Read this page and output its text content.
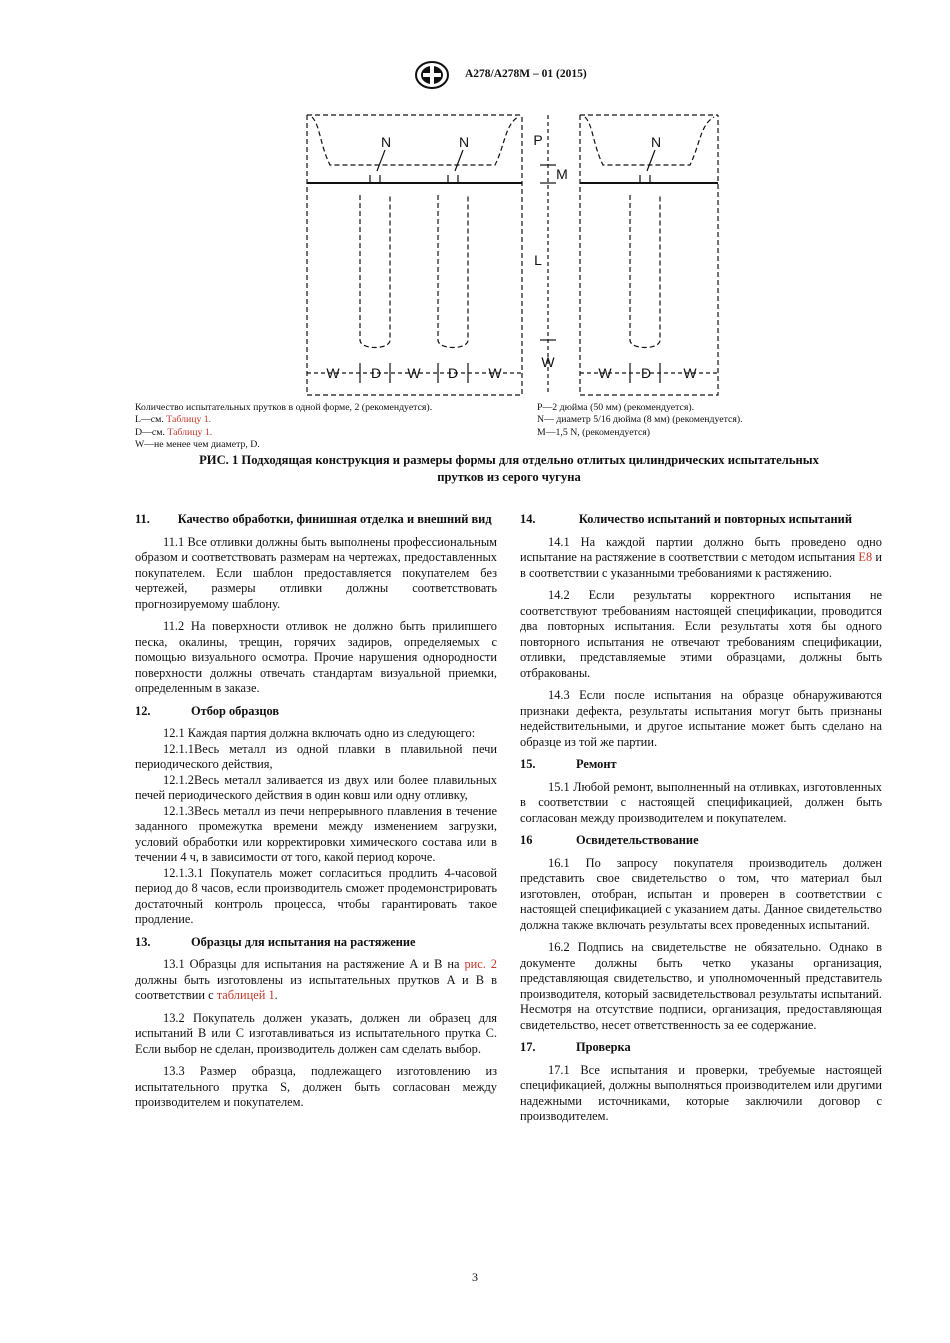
A278/A278M – 01 (2015)
N	N	N
P
M
L
W
W D W D W	W D W
Количество испытательных прутков в одной форме, 2 (рекомендуется).
L—см. Таблицу 1.
D—см. Таблицу 1.
W—не менее чем диаметр, D.
P—2 дюйма (50 мм) (рекомендуется).
N— диаметр 5/16 дюйма (8 мм) (рекомендуется).
M—1,5 N, (рекомендуется)
РИС. 1 Подходящая конструкция и размеры формы для отдельно отлитых цилиндрических испытательных
прутков из серого чугуна
11. Качество обработки, финишная отделка и внешний вид

11.1 Все отливки должны быть выполнены профессиональным образом и соответствовать размерам на чертежах, предоставленных покупателем. Если шаблон предоставляется покупателем без чертежей, размеры отливки должны соответствовать прогнозируемому шаблону.

11.2 На поверхности отливок не должно быть прилипшего песка, окалины, трещин, горячих задиров, определяемых с помощью визуального осмотра. Прочие нарушения однородности поверхности должны отвечать стандартам визуальной приемки, определенным в заказе.

12.	Отбор образцов

12.1 Каждая партия должна включать одно из следующего:

12.1.1Весь металл из одной плавки в плавильной печи периодического действия,

12.1.2Весь металл заливается из двух или более плавильных печей периодического действия в один ковш или одну отливку,

12.1.3Весь металл из печи непрерывного плавления в течение заданного промежутка времени между изменением загрузки, условий обработки или корректировки химического состава или в течении 4 ч, в зависимости от того, какой период короче.

12.1.3.1 Покупатель может согласиться продлить 4-часовой период до 8 часов, если производитель сможет продемонстрировать достаточный контроль процесса, чтобы гарантировать такое продление.

13.	Образцы для испытания на растяжение

13.1 Образцы для испытания на растяжение A и B на рис. 2 должны быть изготовлены из испытательных прутков A и B в соответствии с таблицей 1.

13.2 Покупатель должен указать, должен ли образец для испытаний B или C изготавливаться из испытательного прутка C. Если выбор не сделан, производитель должен сам сделать выбор.

13.3 Размер образца, подлежащего изготовлению из испытательного прутка S, должен быть согласован между производителем и покупателем.

14.	Количество испытаний и повторных испытаний

14.1 На каждой партии должно быть проведено одно испытание на растяжение в соответствии с методом испытания E8 и в соответствии с указанными требованиями к растяжению.

14.2 Если результаты корректного испытания не соответствуют требованиям настоящей спецификации, проводится два повторных испытания. Если результаты хотя бы одного повторного испытания не отвечают требованиям спецификации, отливки, представляемые этими образцами, должны быть отбракованы.

14.3 Если после испытания на образце обнаруживаются признаки дефекта, результаты испытания могут быть признаны недействительными, и другое испытание может быть сделано на образце из той же партии.

15.	Ремонт

15.1 Любой ремонт, выполненный на отливках, изготовленных в соответствии с настоящей спецификацией, должен быть согласован между производителем и покупателем.

16	Освидетельствование

16.1 По запросу покупателя производитель должен представить свое свидетельство о том, что материал был изготовлен, отобран, испытан и проверен в соответствии с настоящей спецификацией с указанием даты. Данное свидетельство должна также включать результаты всех проведенных испытаний.

16.2 Подпись на свидетельстве не обязательно. Однако в документе должны быть четко указаны организация, представляющая свидетельство, и уполномоченный представитель производителя, который засвидетельствовал результаты испытаний. Несмотря на отсутствие подписи, организация, предоставляющая свидетельство, несет ответственность за ее содержание.

17.	Проверка

17.1 Все испытания и проверки, требуемые настоящей спецификацией, должны выполняться производителем или другими надежными источниками, которые заключили договор с производителем.

3
